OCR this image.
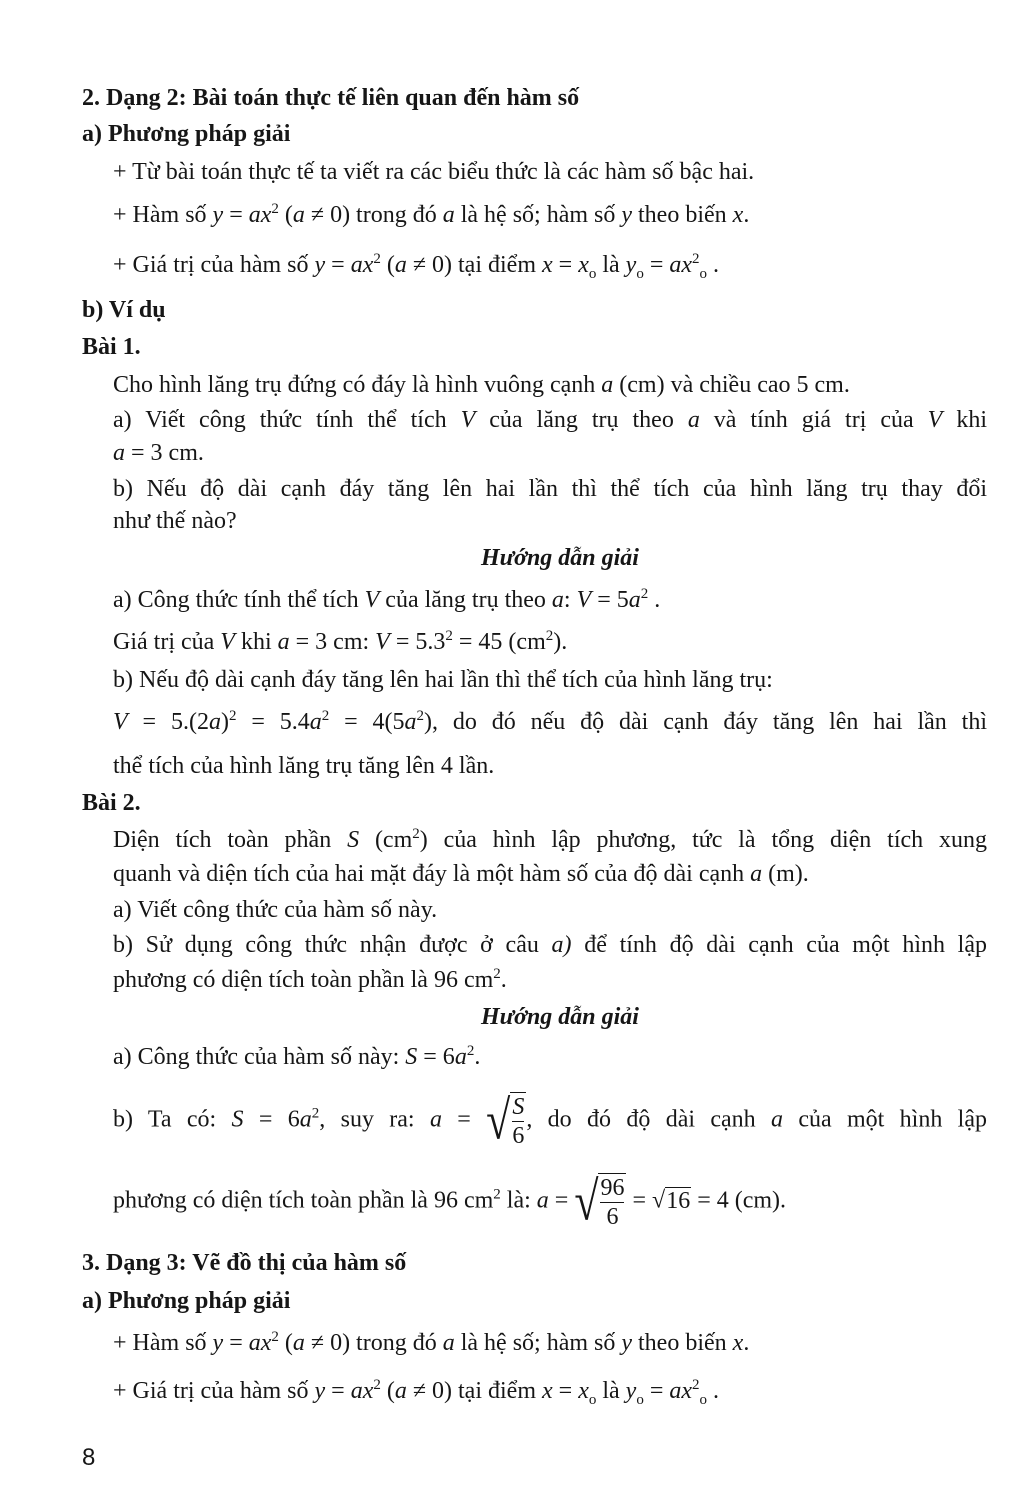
8
2. Dạng 2: Bài toán thực tế liên quan đến hàm số
a) Phương pháp giải
+ Từ bài toán thực tế ta viết ra các biểu thức là các hàm số bậc hai.
+ Hàm số $y = ax^2$ (a ≠ 0) trong đó a là hệ số; hàm số y theo biến x.
+ Giá trị của hàm số $y = ax^2$ (a ≠ 0) tại điểm $x = x_o$ là $y_o = ax^2_o$ .
b) Ví dụ
Bài 1.
Cho hình lăng trụ đứng có đáy là hình vuông cạnh a (cm) và chiều cao 5 cm.
a) Viết công thức tính thể tích V của lăng trụ theo a và tính giá trị của V khi
a = 3 cm.
b) Nếu độ dài cạnh đáy tăng lên hai lần thì thể tích của hình lăng trụ thay đổi
như thế nào?
Hướng dẫn giải
a) Công thức tính thể tích V của lăng trụ theo a: $V = 5a^2$ .
Giá trị của V khi a = 3 cm: $V = 5.3^2 = 45$ $(cm^2)$.
b) Nếu độ dài cạnh đáy tăng lên hai lần thì thể tích của hình lăng trụ:
$V = 5.(2a)^2 = 5.4a^2 = 4(5a^2)$, do đó nếu độ dài cạnh đáy tăng lên hai lần thì
thể tích của hình lăng trụ tăng lên 4 lần.
Bài 2.
Diện tích toàn phần S $(cm^2)$ của hình lập phương, tức là tổng diện tích xung
quanh và diện tích của hai mặt đáy là một hàm số của độ dài cạnh a (m).
a) Viết công thức của hàm số này.
b) Sử dụng công thức nhận được ở câu a) để tính độ dài cạnh của một hình lập
phương có diện tích toàn phần là 96 $cm^2$.
Hướng dẫn giải
a) Công thức của hàm số này: $S = 6a^2$.
b) Ta có: $S = 6a^2$, suy ra: a = √ $\frac{S}{6}$ , do đó độ dài cạnh a của một hình lập
phương có diện tích toàn phần là 96 $cm^2$ là: a = √ $\frac{96}{6} = √16 = 4$ (cm).
3. Dạng 3: Vẽ đồ thị của hàm số
a) Phương pháp giải
+ Hàm số $y = ax^2$ (a ≠ 0) trong đó a là hệ số; hàm số y theo biến x.
+ Giá trị của hàm số $y = ax^2$ (a ≠ 0) tại điểm $x = x_o$ là $y_o = ax^2_o$ .
